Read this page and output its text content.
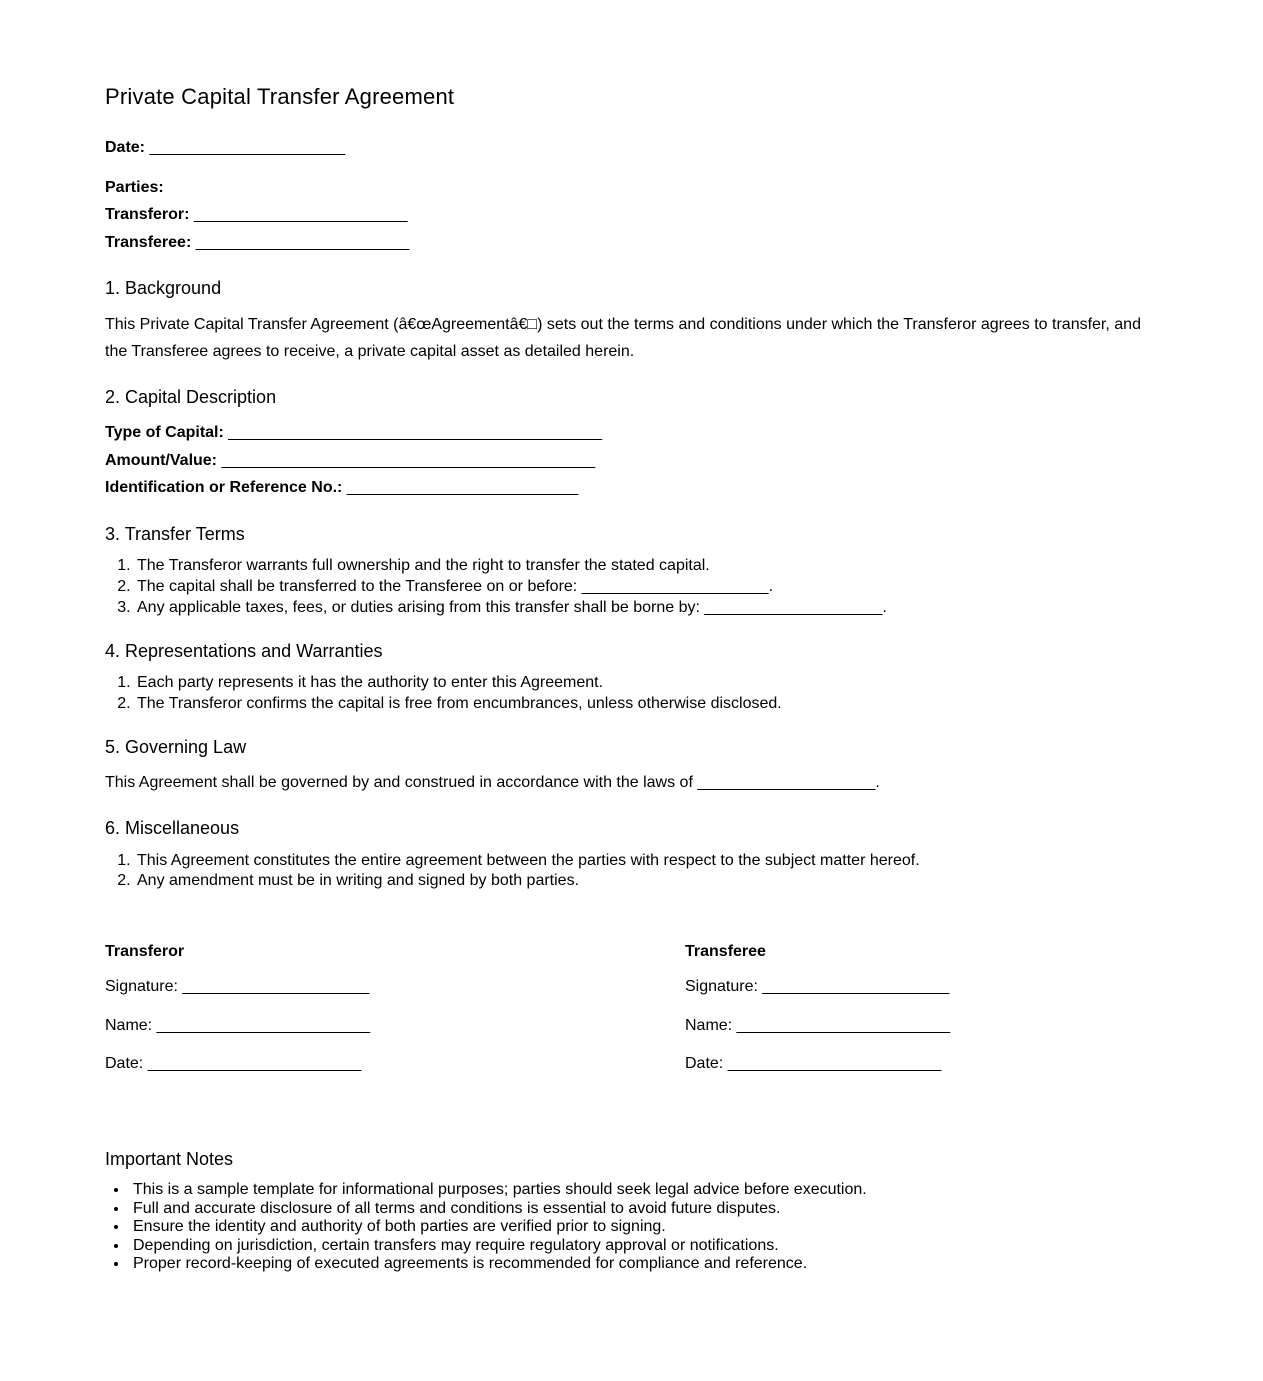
Private Capital Transfer Agreement

Date: ______________________

Parties:
Transferor: ________________________
Transferee: ________________________

1. Background

This Private Capital Transfer Agreement (â€œAgreementâ€□) sets out the terms and conditions under which the Transferor agrees to transfer, and the Transferee agrees to receive, a private capital asset as detailed herein.

2. Capital Description

Type of Capital: __________________________________________
Amount/Value: __________________________________________
Identification or Reference No.: __________________________

3. Transfer Terms
1. The Transferor warrants full ownership and the right to transfer the stated capital.
2. The capital shall be transferred to the Transferee on or before: _____________________.
3. Any applicable taxes, fees, or duties arising from this transfer shall be borne by: ____________________.
4. Representations and Warranties
1. Each party represents it has the authority to enter this Agreement.
2. The Transferor confirms the capital is free from encumbrances, unless otherwise disclosed.
5. Governing Law

This Agreement shall be governed by and construed in accordance with the laws of ____________________.

6. Miscellaneous
1. This Agreement constitutes the entire agreement between the parties with respect to the subject matter hereof.
2. Any amendment must be in writing and signed by both parties.

Transferor

Signature: _____________________

Name: ________________________

Date: ________________________

Transferee

Signature: _____________________

Name: ________________________

Date: ________________________

Important Notes
• This is a sample template for informational purposes; parties should seek legal advice before execution.
• Full and accurate disclosure of all terms and conditions is essential to avoid future disputes.
• Ensure the identity and authority of both parties are verified prior to signing.
• Depending on jurisdiction, certain transfers may require regulatory approval or notifications.
• Proper record-keeping of executed agreements is recommended for compliance and reference.
